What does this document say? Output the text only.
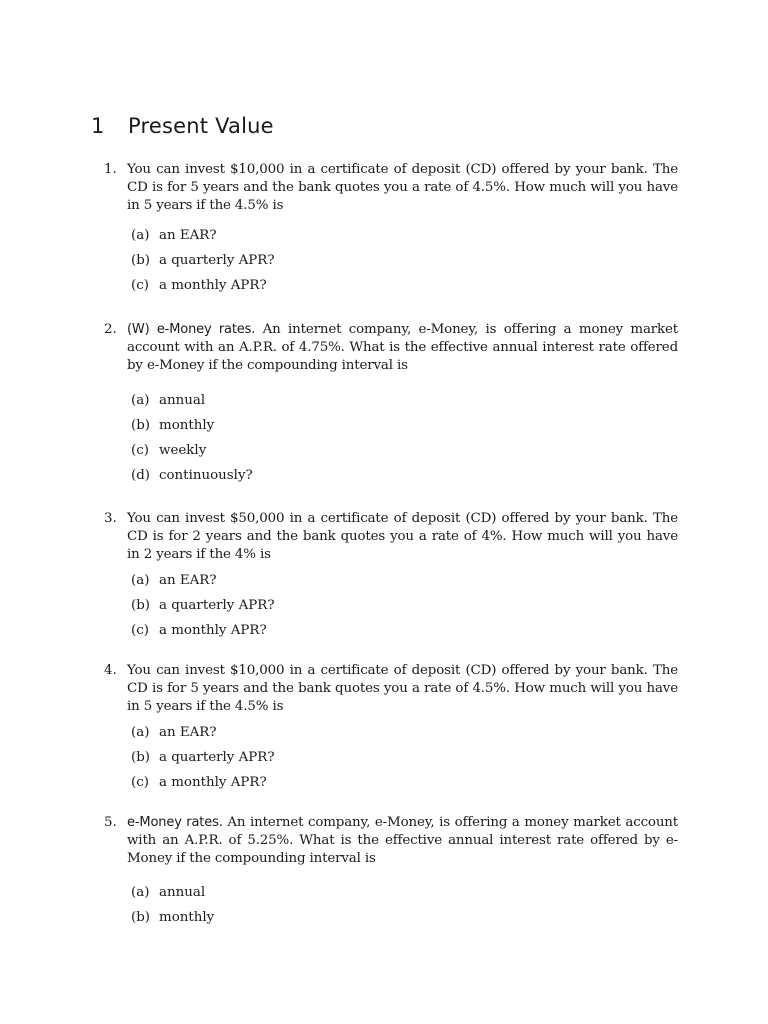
1 Present Value
1. You can invest $10,000 in a certificate of deposit (CD) offered by your bank. The CD is for 5 years and the bank quotes you a rate of 4.5%. How much will you have in 5 years if the 4.5% is
(a) an EAR?
(b) a quarterly APR?
(c) a monthly APR?
2. (W) e-Money rates. An internet company, e-Money, is offering a money market account with an A.P.R. of 4.75%. What is the effective annual interest rate offered by e-Money if the compounding interval is
(a) annual
(b) monthly
(c) weekly
(d) continuously?
3. You can invest $50,000 in a certificate of deposit (CD) offered by your bank. The CD is for 2 years and the bank quotes you a rate of 4%. How much will you have in 2 years if the 4% is
(a) an EAR?
(b) a quarterly APR?
(c) a monthly APR?
4. You can invest $10,000 in a certificate of deposit (CD) offered by your bank. The CD is for 5 years and the bank quotes you a rate of 4.5%. How much will you have in 5 years if the 4.5% is
(a) an EAR?
(b) a quarterly APR?
(c) a monthly APR?
5. e-Money rates. An internet company, e-Money, is offering a money market account with an A.P.R. of 5.25%. What is the effective annual interest rate offered by e-Money if the compounding interval is
(a) annual
(b) monthly
